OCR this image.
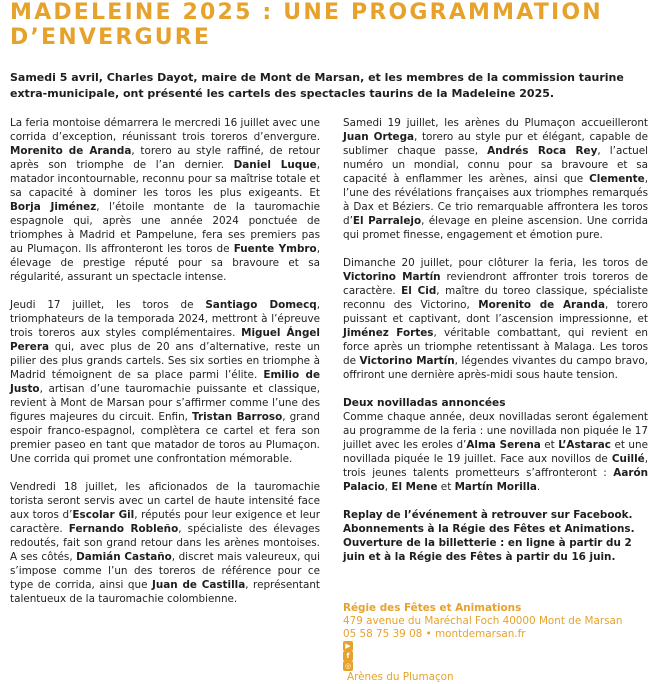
MADELEINE 2025 : UNE PROGRAMMATION
D’ENVERGURE

Samedi 5 avril, Charles Dayot, maire de Mont de Marsan, et les membres de la commission taurine extra-municipale, ont présenté les cartels des spectacles taurins de la Madeleine 2025.

La feria montoise démarrera le mercredi 16 juillet avec une corrida d’exception, réunissant trois toreros d’envergure. Morenito de Aranda, torero au style raffiné, de retour après son triomphe de l’an dernier. Daniel Luque, matador incontournable, reconnu pour sa maîtrise totale et sa capacité à dominer les toros les plus exigeants. Et Borja Jiménez, l’étoile montante de la tauromachie espagnole qui, après une année 2024 ponctuée de triomphes à Madrid et Pampelune, fera ses premiers pas au Plumaçon. Ils affronteront les toros de Fuente Ymbro, élevage de prestige réputé pour sa bravoure et sa régularité, assurant un spectacle intense.

Jeudi 17 juillet, les toros de Santiago Domecq, triomphateurs de la temporada 2024, mettront à l’épreuve trois toreros aux styles complémentaires. Miguel Ángel Perera qui, avec plus de 20 ans d’alternative, reste un pilier des plus grands cartels. Ses six sorties en triomphe à Madrid témoignent de sa place parmi l’élite. Emilio de Justo, artisan d’une tauromachie puissante et classique, revient à Mont de Marsan pour s’affirmer comme l’une des figures majeures du circuit. Enfin, Tristan Barroso, grand espoir franco-espagnol, complètera ce cartel et fera son premier paseo en tant que matador de toros au Plumaçon. Une corrida qui promet une confrontation mémorable.

Vendredi 18 juillet, les aficionados de la tauromachie torista seront servis avec un cartel de haute intensité face aux toros d’Escolar Gil, réputés pour leur exigence et leur caractère. Fernando Robleño, spécialiste des élevages redoutés, fait son grand retour dans les arènes montoises. A ses côtés, Damián Castaño, discret mais valeureux, qui s’impose comme l’un des toreros de référence pour ce type de corrida, ainsi que Juan de Castilla, représentant talentueux de la tauromachie colombienne.

Samedi 19 juillet, les arènes du Plumaçon accueilleront Juan Ortega, torero au style pur et élégant, capable de sublimer chaque passe, Andrés Roca Rey, l’actuel numéro un mondial, connu pour sa bravoure et sa capacité à enflammer les arènes, ainsi que Clemente, l’une des révélations françaises aux triomphes remarqués à Dax et Béziers. Ce trio remarquable affrontera les toros d’El Parralejo, élevage en pleine ascension. Une corrida qui promet finesse, engagement et émotion pure.

Dimanche 20 juillet, pour clôturer la feria, les toros de Victorino Martín reviendront affronter trois toreros de caractère. El Cid, maître du toreo classique, spécialiste reconnu des Victorino, Morenito de Aranda, torero puissant et captivant, dont l’ascension impressionne, et Jiménez Fortes, véritable combattant, qui revient en force après un triomphe retentissant à Malaga. Les toros de Victorino Martín, légendes vivantes du campo bravo, offriront une dernière après-midi sous haute tension.

Deux novilladas annoncées

Comme chaque année, deux novilladas seront également au programme de la feria : une novillada non piquée le 17 juillet avec les eroles d’Alma Serena et L’Astarac et une novillada piquée le 19 juillet. Face aux novillos de Cuillé, trois jeunes talents prometteurs s’affronteront : Aarón Palacio, El Mene et Martín Morilla.

Replay de l’événement à retrouver sur Facebook.
Abonnements à la Régie des Fêtes et Animations.
Ouverture de la billetterie : en ligne à partir du 2 juin et à la Régie des Fêtes à partir du 16 juin.

Régie des Fêtes et Animations
479 avenue du Maréchal Foch 40000 Mont de Marsan
05 58 75 39 08 • montdemarsan.fr
▶
f
◎
Arènes du Plumaçon
